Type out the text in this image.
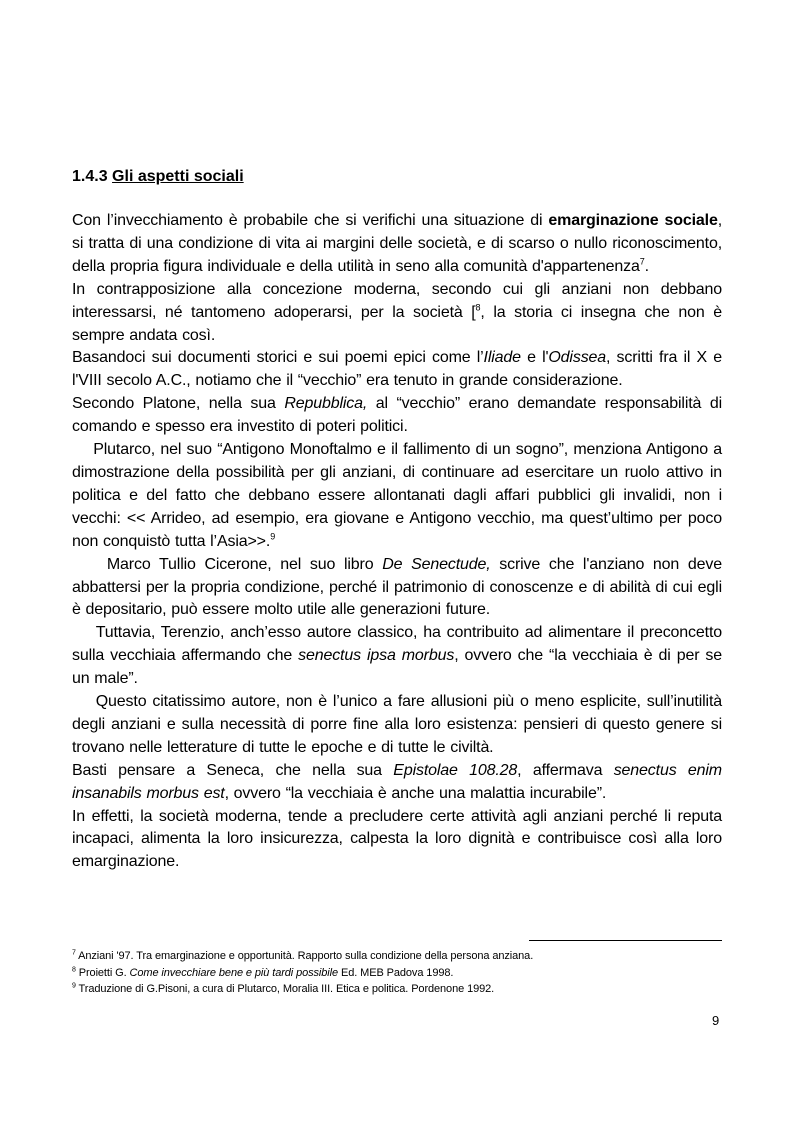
1.4.3 Gli aspetti sociali

Con l’invecchiamento è probabile che si verifichi una situazione di emarginazione sociale, si tratta di una condizione di vita ai margini delle società, e di scarso o nullo riconoscimento, della propria figura individuale e della utilità in seno alla comunità d'appartenenza$^7$.

In contrapposizione alla concezione moderna, secondo cui gli anziani non debbano interessarsi, né tantomeno adoperarsi, per la società [$^8$, la storia ci insegna che non è sempre andata così.

Basandoci sui documenti storici e sui poemi epici come l’Iliade e l'Odissea, scritti fra il X e l'VIII secolo A.C., notiamo che il “vecchio” era tenuto in grande considerazione.

Secondo Platone, nella sua Repubblica, al “vecchio” erano demandate responsabilità di comando e spesso era investito di poteri politici.

Plutarco, nel suo “Antigono Monoftalmo e il fallimento di un sogno”, menziona Antigono a dimostrazione della possibilità per gli anziani, di continuare ad esercitare un ruolo attivo in politica e del fatto che debbano essere allontanati dagli affari pubblici gli invalidi, non i vecchi: << Arrideo, ad esempio, era giovane e Antigono vecchio, ma quest’ultimo per poco non conquistò tutta l’Asia>>.$^9$

Marco Tullio Cicerone, nel suo libro De Senectude, scrive che l'anziano non deve abbattersi per la propria condizione, perché il patrimonio di conoscenze e di abilità di cui egli è depositario, può essere molto utile alle generazioni future.

Tuttavia, Terenzio, anch’esso autore classico, ha contribuito ad alimentare il preconcetto sulla vecchiaia affermando che senectus ipsa morbus, ovvero che “la vecchiaia è di per se un male”.

Questo citatissimo autore, non è l’unico a fare allusioni più o meno esplicite, sull’inutilità degli anziani e sulla necessità di porre fine alla loro esistenza: pensieri di questo genere si trovano nelle letterature di tutte le epoche e di tutte le civiltà.

Basti pensare a Seneca, che nella sua Epistolae 108.28, affermava senectus enim insanabils morbus est, ovvero “la vecchiaia è anche una malattia incurabile”.

In effetti, la società moderna, tende a precludere certe attività agli anziani perché li reputa incapaci, alimenta la loro insicurezza, calpesta la loro dignità e contribuisce così alla loro emarginazione.

$^7$ Anziani '97. Tra emarginazione e opportunità. Rapporto sulla condizione della persona anziana.
$^8$ Proietti G. Come invecchiare bene e più tardi possibile Ed. MEB Padova 1998.
$^9$ Traduzione di G.Pisoni, a cura di Plutarco, Moralia III. Etica e politica. Pordenone 1992.
9
